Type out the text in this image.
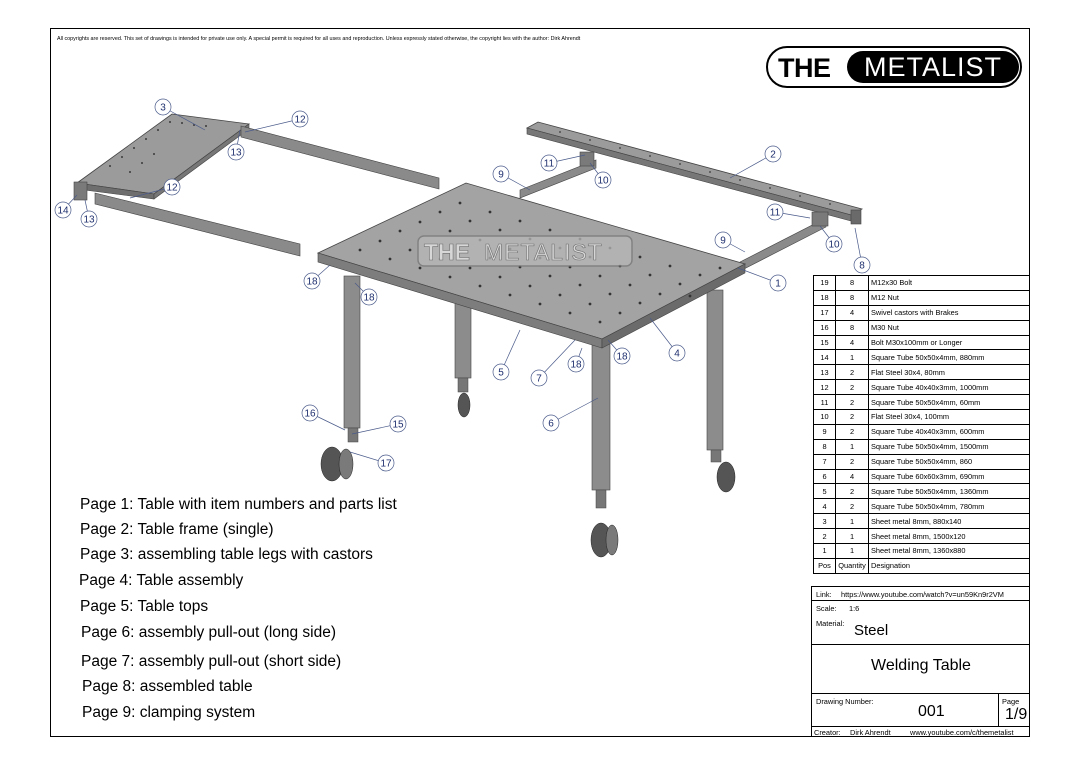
All copyrights are reserved. This set of drawings is intended for private use only. A special permit is required for all uses and reproduction. Unless expressly stated otherwise, the copyright lies with the author: Dirk Ahrendt
THE	METALIST
THE METALIST
1
2
3
4
5
6
7
8
9
9
10
10
11
11
12
12
13
13
14
15
16
17
18
18
18
18
Page 1: Table with item numbers and parts list
Page 2: Table frame (single)
Page 3: assembling table legs with castors
Page 4: Table assembly
Page 5: Table tops
Page 6: assembly pull-out (long side)
Page 7: assembly pull-out (short side)
Page 8: assembled table
Page 9: clamping system
19	8	M12x30 Bolt
18	8	M12 Nut
17	4	Swivel castors with Brakes
16	8	M30 Nut
15	4	Bolt M30x100mm or Longer
14	1	Square Tube 50x50x4mm, 880mm
13	2	Flat Steel 30x4, 80mm
12	2	Square Tube 40x40x3mm, 1000mm
11	2	Square Tube 50x50x4mm, 60mm
10	2	Flat Steel 30x4, 100mm
9	2	Square Tube 40x40x3mm, 600mm
8	1	Square Tube 50x50x4mm, 1500mm
7	2	Square Tube 50x50x4mm, 860
6	4	Square Tube 60x60x3mm, 690mm
5	2	Square Tube 50x50x4mm, 1360mm
4	2	Square Tube 50x50x4mm, 780mm
3	1	Sheet metal 8mm, 880x140
2	1	Sheet metal 8mm, 1500x120
1	1	Sheet metal 8mm, 1360x880
Pos	Quantity	Designation
Link: https://www.youtube.com/watch?v=un59Kn9r2VM
Scale: 1:6
Material: Steel
Welding Table
Drawing Number:
001
Page
1/9
Creator: Dirk Ahrendt	www.youtube.com/c/themetalist
